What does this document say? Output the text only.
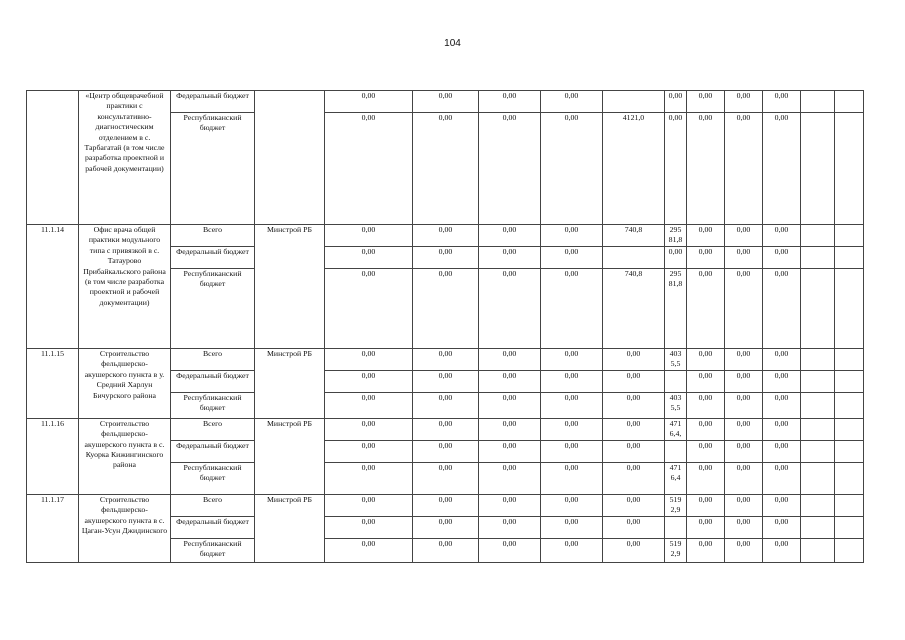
104
	«Центр общеврачебной практики с консультативно-диагностическим отделением в с. Тарбагатай (в том числе разработка проектной и рабочей документации)	Федеральный бюджет		0,00	0,00	0,00	0,00		0,00	0,00	0,00	0,00		
		Республиканский бюджет		0,00	0,00	0,00	0,00	4121,0	0,00	0,00	0,00	0,00		
11.1.14	Офис врача общей практики модульного типа с привязкой в с. Татаурово Прибайкальского района (в том числе разработка проектной и рабочей документации)	Всего	Минстрой РБ	0,00	0,00	0,00	0,00	740,8	295 81,8	0,00	0,00	0,00		
		Федеральный бюджет		0,00	0,00	0,00	0,00		0,00	0,00	0,00	0,00		
		Республиканский бюджет		0,00	0,00	0,00	0,00	740,8	295 81,8	0,00	0,00	0,00		
11.1.15	Строительство фельдшерско-акушерского пункта в у. Средний Харлун Бичурского района	Всего	Минстрой РБ	0,00	0,00	0,00	0,00	0,00	403 5,5	0,00	0,00	0,00		
		Федеральный бюджет		0,00	0,00	0,00	0,00	0,00		0,00	0,00	0,00		
		Республиканский бюджет		0,00	0,00	0,00	0,00	0,00	403 5,5	0,00	0,00	0,00		
11.1.16	Строительство фельдшерско-акушерского пункта в с. Куорка Кижингинского района	Всего	Минстрой РБ	0,00	0,00	0,00	0,00	0,00	471 6,4,	0,00	0,00	0,00		
		Федеральный бюджет		0,00	0,00	0,00	0,00	0,00		0,00	0,00	0,00		
		Республиканский бюджет		0,00	0,00	0,00	0,00	0,00	471 6,4	0,00	0,00	0,00		
11.1.17	Строительство фельдшерско-акушерского пункта в с. Цаган-Усун Джидинского	Всего	Минстрой РБ	0,00	0,00	0,00	0,00	0,00	519 2,9	0,00	0,00	0,00		
		Федеральный бюджет		0,00	0,00	0,00	0,00	0,00		0,00	0,00	0,00		
		Республиканский бюджет		0,00	0,00	0,00	0,00	0,00	519 2,9	0,00	0,00	0,00		
